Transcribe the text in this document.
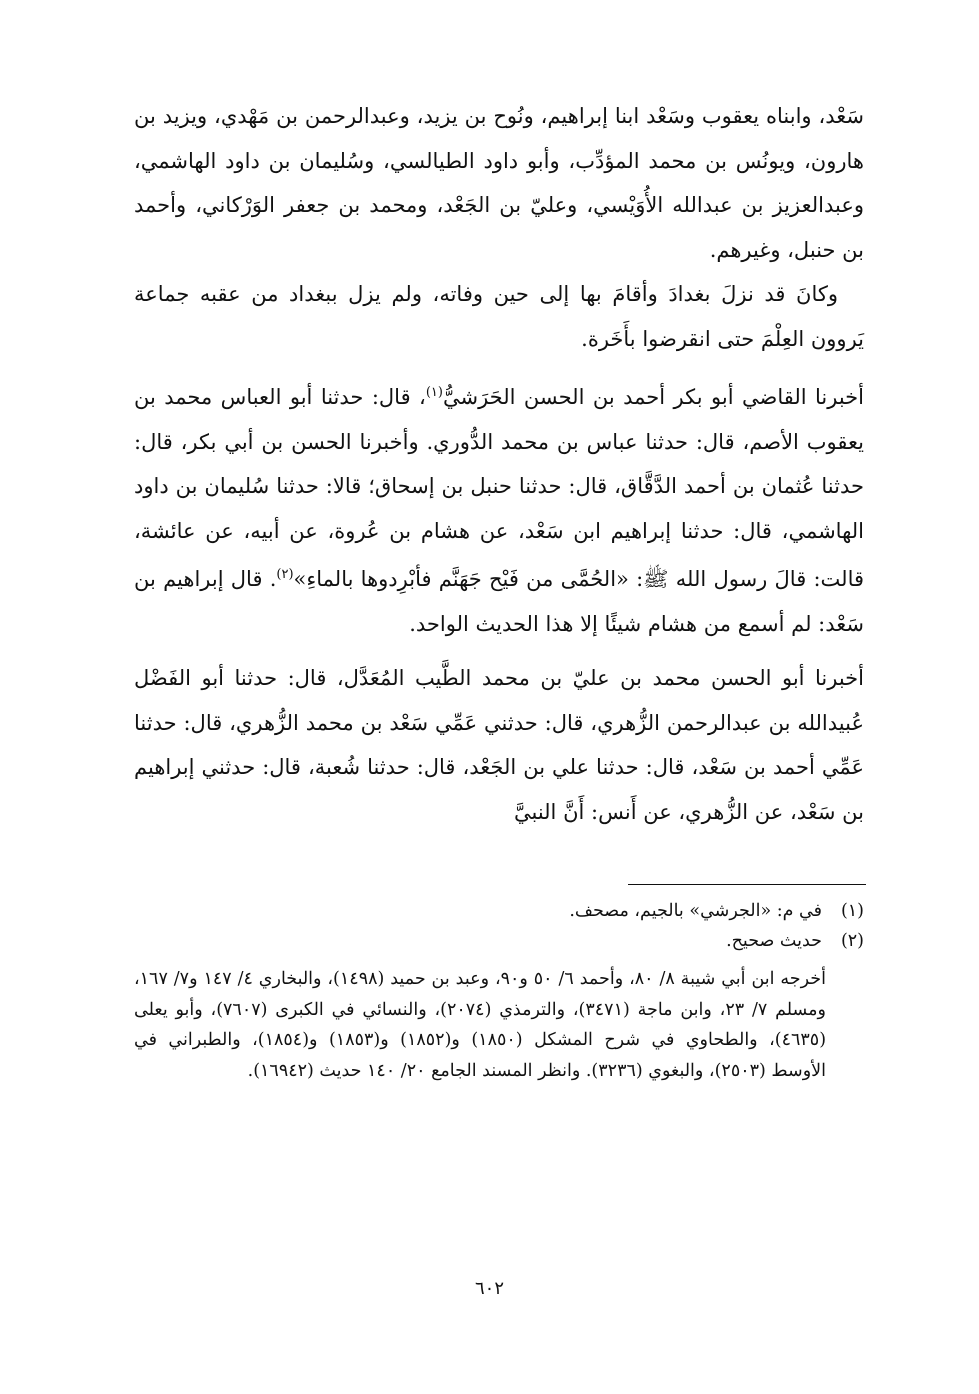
سَعْد، وابناه يعقوب وسَعْد ابنا إبراهيم، ونُوح بن يزيد، وعبدالرحمن بن مَهْدي، ويزيد بن هارون، ويونُس بن محمد المؤدِّب، وأبو داود الطيالسي، وسُليمان بن داود الهاشمي، وعبدالعزيز بن عبدالله الأُوَيْسي، وعليّ بن الجَعْد، ومحمد بن جعفر الوَرْكاني، وأحمد بن حنبل، وغيرهم.

وكانَ قد نزلَ بغدادَ وأقامَ بها إلى حين وفاته، ولم يزل ببغداد من عقبه جماعة يَروون العِلْمَ حتى انقرضوا بأَخَرة.

أخبرنا القاضي أبو بكر أحمد بن الحسن الحَرَشيُّ$^{(١)}$، قال: حدثنا أبو العباس محمد بن يعقوب الأصم، قال: حدثنا عباس بن محمد الدُّوري. وأخبرنا الحسن بن أبي بكر، قال: حدثنا عُثمان بن أحمد الدَّقَّاق، قال: حدثنا حنبل بن إسحاق؛ قالا: حدثنا سُليمان بن داود الهاشمي، قال: حدثنا إبراهيم ابن سَعْد، عن هشام بن عُروة، عن أبيه، عن عائشة، قالت: قالَ رسول الله ﷺ: «الحُمَّى من فَيْح جَهَنَّم فأبْرِدوها بالماءِ»$^{(٢)}$. قال إبراهيم بن سَعْد: لم أسمع من هشام شيئًا إلا هذا الحديث الواحد.

أخبرنا أبو الحسن محمد بن عليّ بن محمد الطَّيب المُعَدَّل، قال: حدثنا أبو الفَضْل عُبيدالله بن عبدالرحمن الزُّهري، قال: حدثني عَمِّي سَعْد بن محمد الزُّهري، قال: حدثنا عَمِّي أحمد بن سَعْد، قال: حدثنا علي بن الجَعْد، قال: حدثنا شُعبة، قال: حدثني إبراهيم بن سَعْد، عن الزُّهري، عن أَنس: أَنَّ النبيَّ

(١)في م: «الجرشي» بالجيم، مصحف.

(٢)حديث صحيح.

أخرجه ابن أبي شيبة ٨/ ٨٠، وأحمد ٦/ ٥٠ و٩٠، وعبد بن حميد (١٤٩٨)، والبخاري ٤/ ١٤٧ و٧/ ١٦٧، ومسلم ٧/ ٢٣، وابن ماجة (٣٤٧١)، والترمذي (٢٠٧٤)، والنسائي في الكبرى (٧٦٠٧)، وأبو يعلى (٤٦٣٥)، والطحاوي في شرح المشكل (١٨٥٠) و(١٨٥٢) و(١٨٥٣) و(١٨٥٤)، والطبراني في الأوسط (٢٥٠٣)، والبغوي (٣٢٣٦). وانظر المسند الجامع ٢٠/ ١٤٠ حديث (١٦٩٤٢).

٦٠٢
